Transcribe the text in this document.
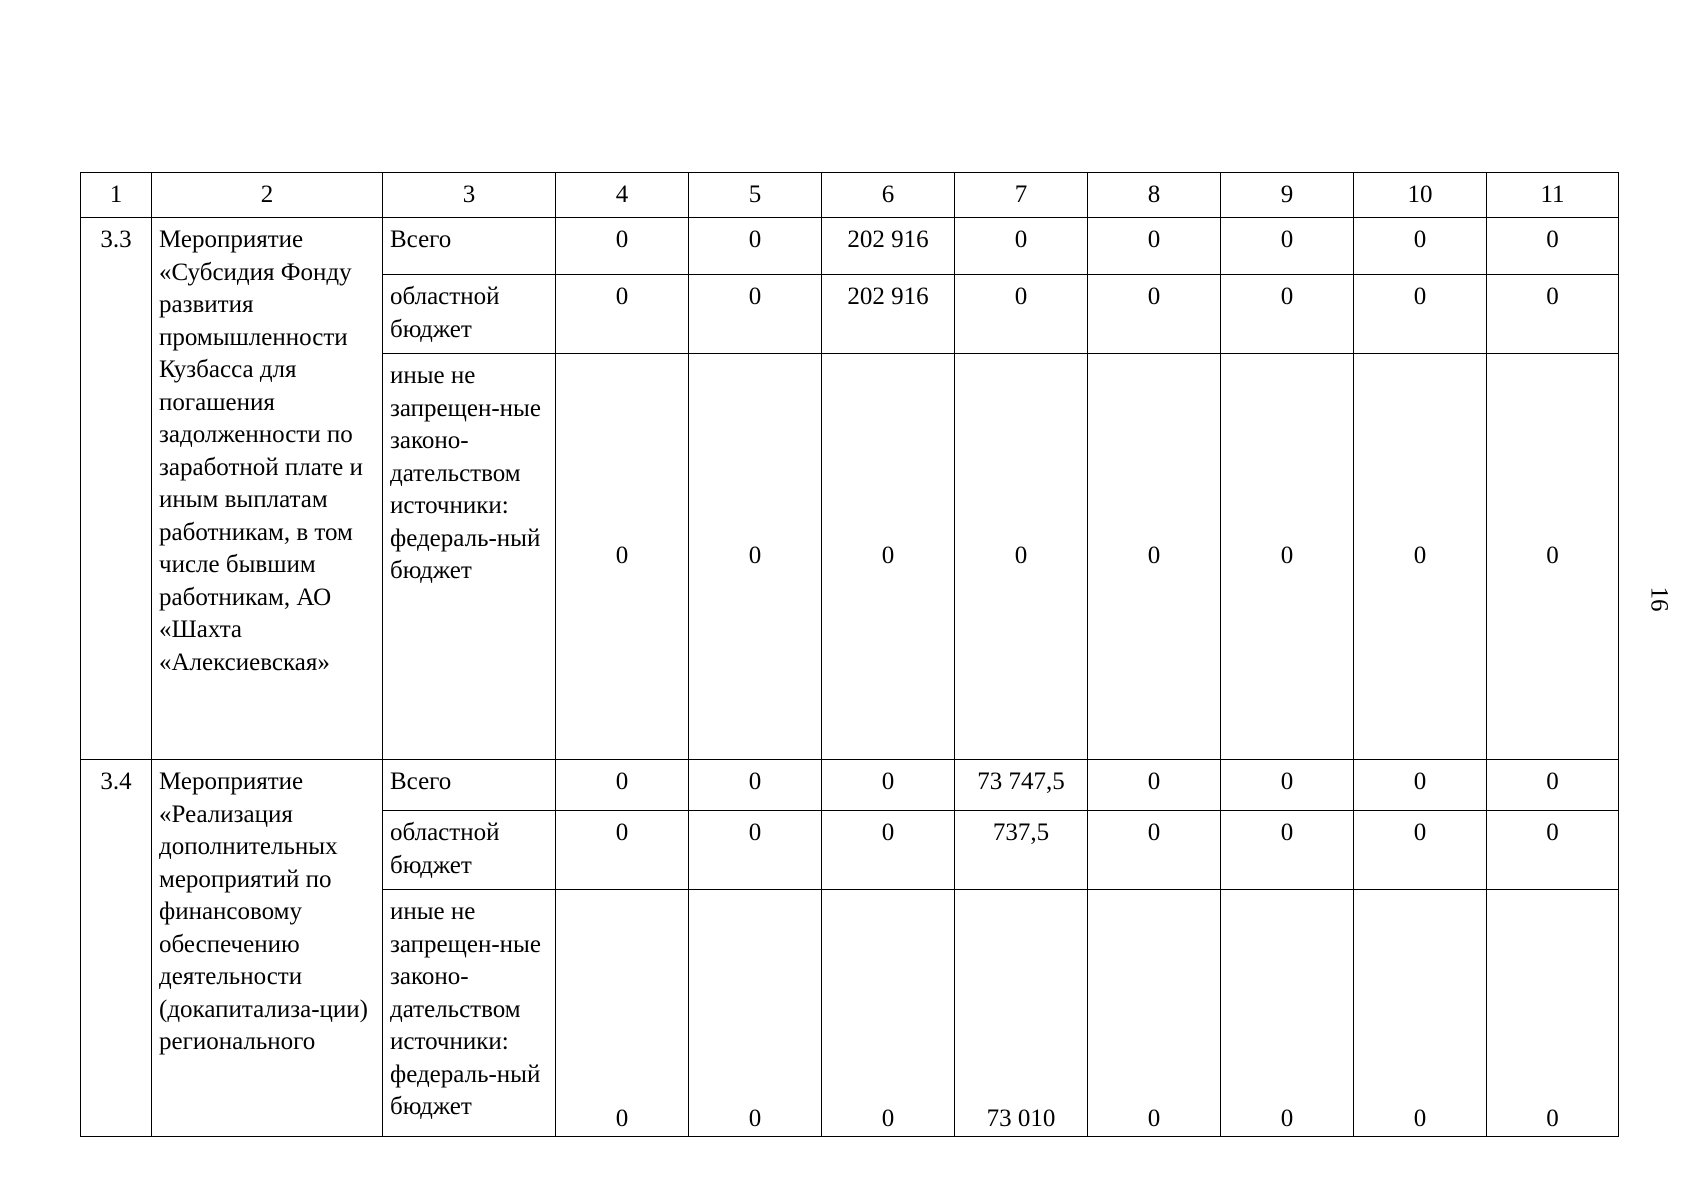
1	2	3	4	5	6	7	8	9	10	11
3.3	Мероприятие «Субсидия Фонду развития промышленности Кузбасса для погашения задолженности по заработной плате и иным выплатам работникам, в том числе бывшим работникам, АО «Шахта «Алексиевская»	Всего	0	0	202 916	0	0	0	0	0
		областной бюджет	0	0	202 916	0	0	0	0	0
		иные не запрещен-ные законо-дательством источники: федераль-ный бюджет	0	0	0	0	0	0	0	0
3.4	Мероприятие «Реализация дополнительных мероприятий по финансовому обеспечению деятельности (докапитализа-ции) регионального	Всего	0	0	0	73 747,5	0	0	0	0
		областной бюджет	0	0	0	737,5	0	0	0	0
		иные не запрещен-ные законо-дательством источники: федераль-ный бюджет	0	0	0	73 010	0	0	0	0
16
